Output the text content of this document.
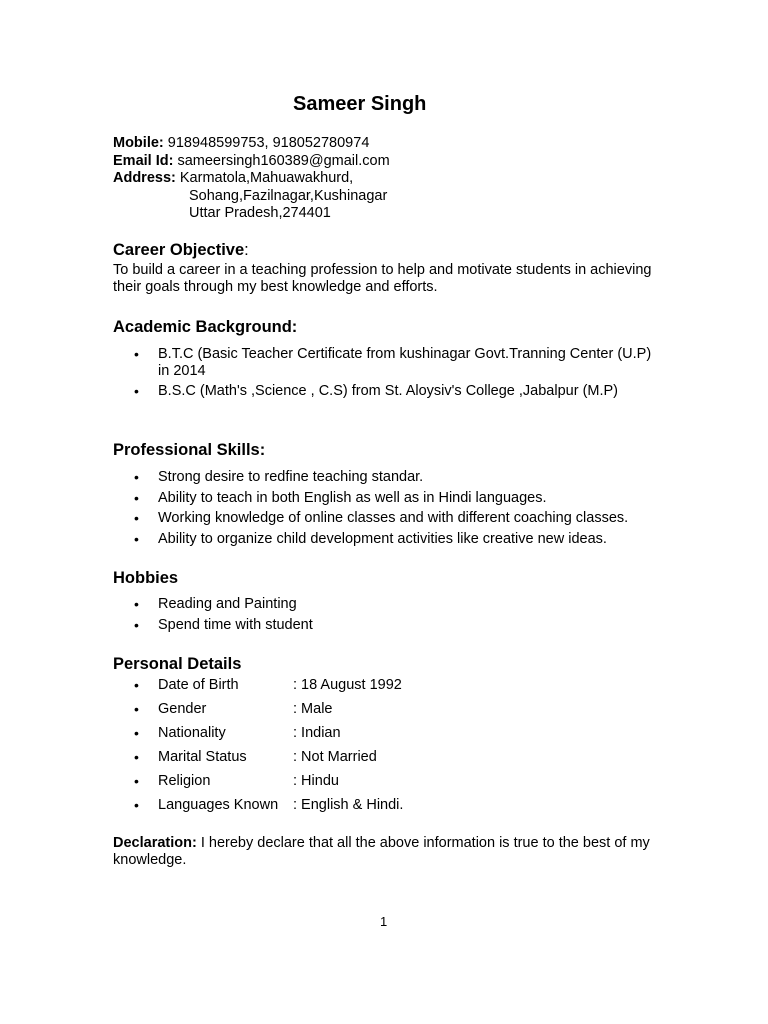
Sameer Singh
Mobile: 918948599753, 918052780974
Email Id: sameersingh160389@gmail.com
Address: Karmatola,Mahuawakhurd,
Sohang,Fazilnagar,Kushinagar
Uttar Pradesh,274401
Career Objective:

To build a career in a teaching profession to help and motivate students in achieving their goals through my best knowledge and efforts.

Academic Background:
• B.T.C (Basic Teacher Certificate from kushinagar Govt.Tranning Center (U.P) in 2014
• B.S.C (Math's ,Science , C.S) from St. Aloysiv's College ,Jabalpur (M.P)
Professional Skills:
• Strong desire to redfine teaching standar.
• Ability to teach in both English as well as in Hindi languages.
• Working knowledge of online classes and with different coaching classes.
• Ability to organize child development activities like creative new ideas.
Hobbies
• Reading and Painting
• Spend time with student
Personal Details
• Date of Birth	: 18 August 1992
• Gender	: Male
• Nationality	: Indian
• Marital Status	: Not Married
• Religion	: Hindu
• Languages Known : English & Hindi.

Declaration: I hereby declare that all the above information is true to the best of my knowledge.

1
